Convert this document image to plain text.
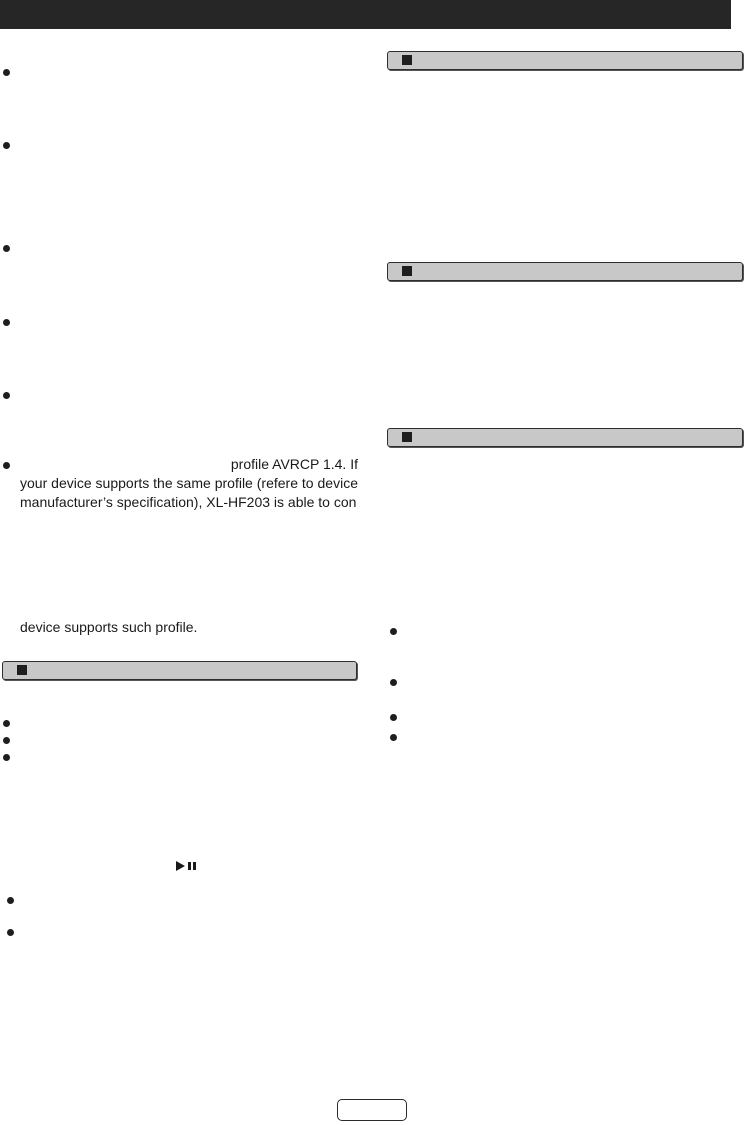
profile AVRCP 1.4. If
your device supports the same profile (refere to device
manufacturer’s specification), XL-HF203 is able to con
device supports such profile.
